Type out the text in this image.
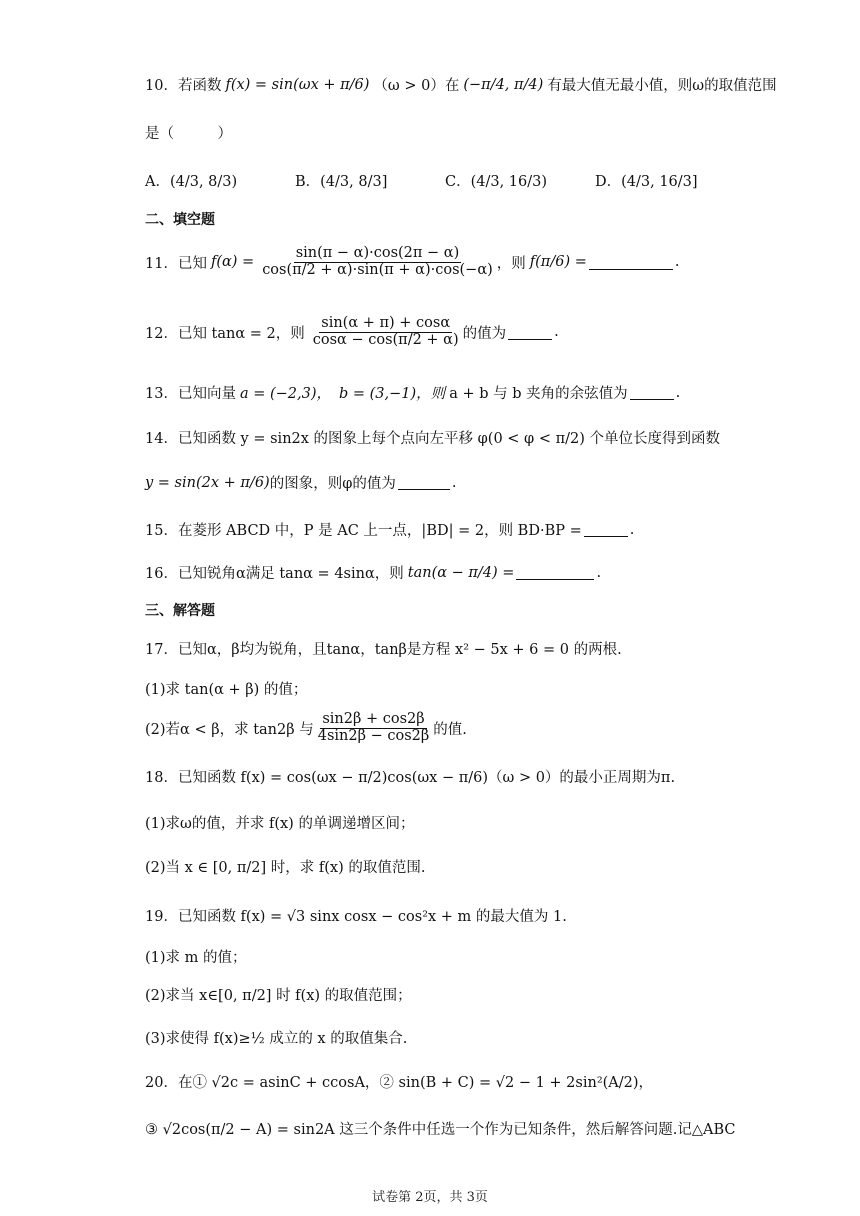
10．若函数 f(x) = sin(ωx + π/6) （ω > 0）在 (−π/4, π/4) 有最大值无最小值，则ω的取值范围
是（　　　）
A．(4/3, 8/3)	B．(4/3, 8/3]	C．(4/3, 16/3)	D．(4/3, 16/3]
二、填空题
11．已知 $f(\alpha) = \frac{\sin(\pi - \alpha)\cdot\cos(2\pi - \alpha)}{\cos(\pi/2 + \alpha)\cdot\sin(\pi + \alpha)\cdot\cos(-\alpha)}$ ，则 f(π/6) =	.
12．已知 tanα = 2，则 $\frac{\sin(\alpha + \pi) + \cos\alpha}{\cos\alpha - \cos(\pi/2 + \alpha)}$ 的值为	.
13．已知向量 a = (−2,3)， b = (3,−1)，则 a + b 与 b 夹角的余弦值为	.
14．已知函数 y = sin2x 的图象上每个点向左平移 φ(0 < φ < π/2) 个单位长度得到函数
y = sin(2x + π/6) 的图象，则φ的值为	.
15．在菱形 ABCD 中，P 是 AC 上一点，|BD| = 2，则 BD·BP =	.
16．已知锐角α满足 tanα = 4sinα，则 tan(α − π/4) =	.
三、解答题
17．已知α，β均为锐角，且tanα，tanβ是方程 x² − 5x + 6 = 0 的两根.
(1)求 tan(α + β) 的值；
(2)若α < β，求 tan2β 与 $\frac{\sin 2\beta + \cos 2\beta}{4\sin 2\beta - \cos 2\beta}$ 的值.
18．已知函数 f(x) = cos(ωx − π/2)cos(ωx − π/6)（ω > 0）的最小正周期为π.
(1)求ω的值，并求 f(x) 的单调递增区间；
(2)当 x ∈ [0, π/2] 时，求 f(x) 的取值范围.
19．已知函数 f(x) = √3 sinx cosx − cos²x + m 的最大值为 1.
(1)求 m 的值；
(2)求当 x∈[0, π/2] 时 f(x) 的取值范围；
(3)求使得 f(x)≥½ 成立的 x 的取值集合.
20．在① √2c = asinC + ccosA，② sin(B + C) = √2 − 1 + 2sin²(A/2)，
③ √2cos(π/2 − A) = sin2A 这三个条件中任选一个作为已知条件，然后解答问题.记△ABC
试卷第 2页，共 3页
